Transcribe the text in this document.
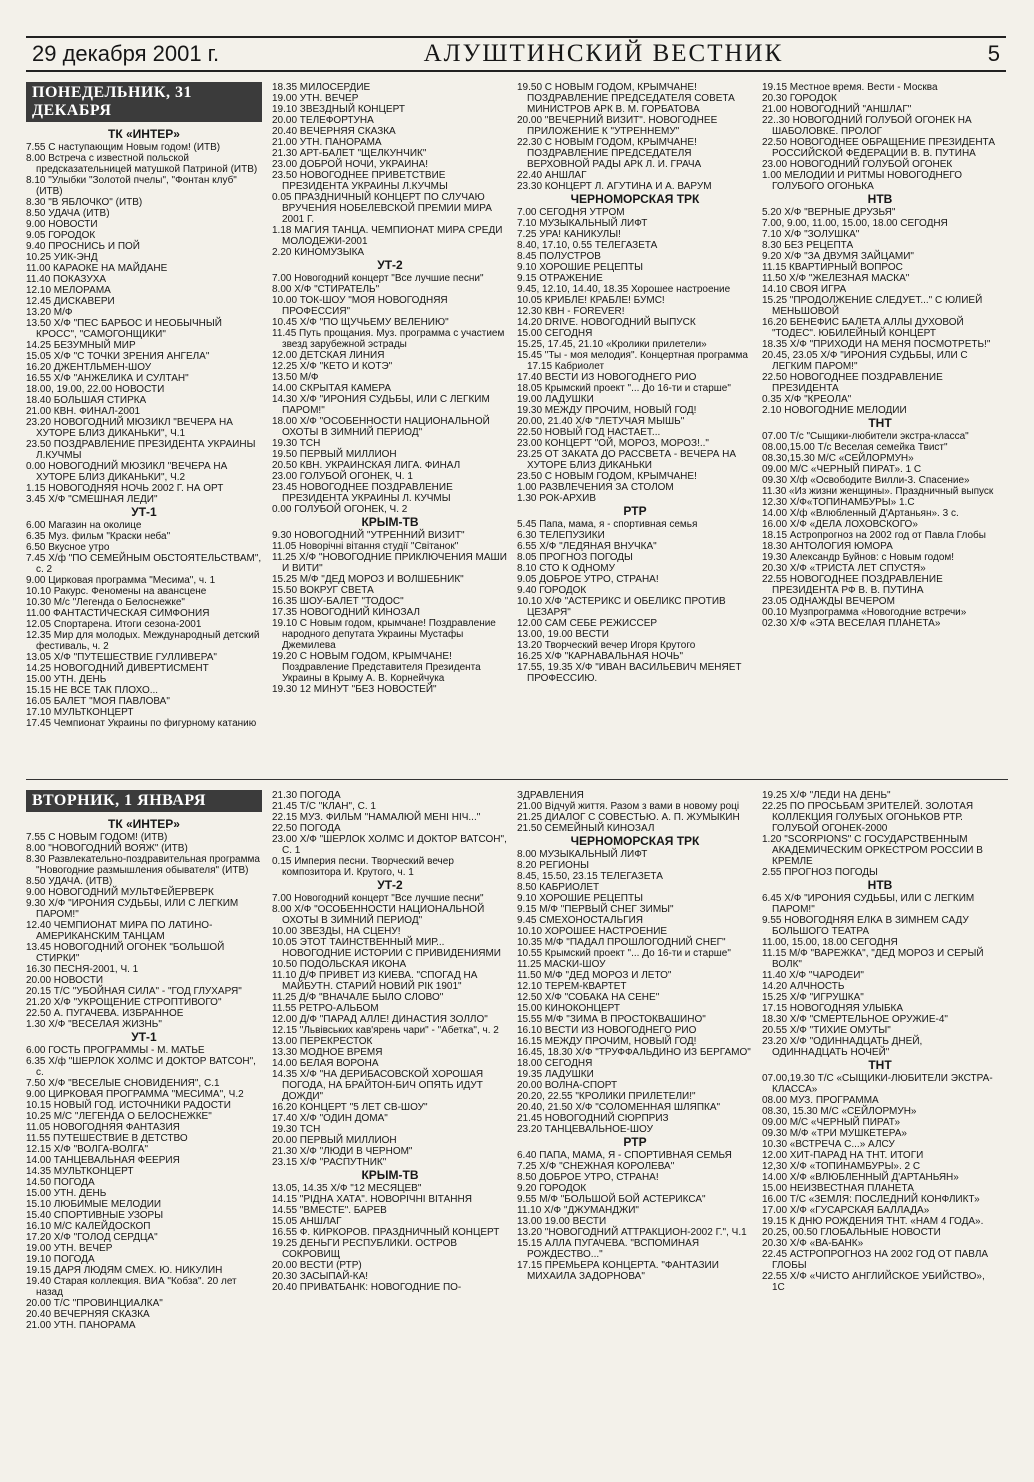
29 декабря 2001 г.	АЛУШТИНСКИЙ ВЕСТНИК	5
ПОНЕДЕЛЬНИК, 31 ДЕКАБРЯ
ТК «ИНТЕР»
7.55 С наступающим Новым годом! (ИТВ)
8.00 Встреча с известной польской предсказательницей матушкой Патриной (ИТВ)
8.10 "Улыбки "Золотой пчелы", "Фонтан клуб" (ИТВ)
8.30 "В ЯБЛОЧКО" (ИТВ)
8.50 УДАЧА (ИТВ)
9.00 НОВОСТИ
9.05 ГОРОДОК
9.40 ПРОСНИСЬ И ПОЙ
10.25 УИК-ЭНД
11.00 КАРАОКЕ НА МАЙДАНЕ
11.40 ПОКАЗУХА
12.10 МЕЛОРАМА
12.45 ДИСКАВЕРИ
13.20 М/Ф
13.50 Х/Ф "ПЕС БАРБОС И НЕОБЫЧНЫЙ КРОСС", "САМОГОНЩИКИ"
14.25 БЕЗУМНЫЙ МИР
15.05 Х/Ф "С ТОЧКИ ЗРЕНИЯ АНГЕЛА"
16.20 ДЖЕНТЛЬМЕН-ШОУ
16.55 Х/Ф "АНЖЕЛИКА И СУЛТАН"
18.00, 19.00, 22.00 НОВОСТИ
18.40 БОЛЬШАЯ СТИРКА
21.00 КВН. ФИНАЛ-2001
23.20 НОВОГОДНИЙ МЮЗИКЛ "ВЕЧЕРА НА ХУТОРЕ БЛИЗ ДИКАНЬКИ", Ч.1
23.50 ПОЗДРАВЛЕНИЕ ПРЕЗИДЕНТА УКРАИНЫ Л.КУЧМЫ
0.00 НОВОГОДНИЙ МЮЗИКЛ "ВЕЧЕРА НА ХУТОРЕ БЛИЗ ДИКАНЬКИ", Ч.2
1.15 НОВОГОДНЯЯ НОЧЬ 2002 Г. НА ОРТ
3.45 Х/Ф "СМЕШНАЯ ЛЕДИ"
УТ-1
6.00 Магазин на околице
6.35 Муз. фильм "Краски неба"
6.50 Вкусное утро
7.45 Х/ф "ПО СЕМЕЙНЫМ ОБСТОЯТЕЛЬСТВАМ", с. 2
9.00 Цирковая программа "Месима", ч. 1
10.10 Ракурс. Феномены на авансцене
10.30 М/с "Легенда о Белоснежке"
11.00 ФАНТАСТИЧЕСКАЯ СИМФОНИЯ
12.05 Спортарена. Итоги сезона-2001
12.35 Мир для молодых. Международный детский фестиваль, ч. 2
13.05 Х/Ф "ПУТЕШЕСТВИЕ ГУЛЛИВЕРА"
14.25 НОВОГОДНИЙ ДИВЕРТИСМЕНТ
15.00 УТН. ДЕНЬ
15.15 НЕ ВСЕ ТАК ПЛОХО...
16.05 БАЛЕТ "МОЯ ПАВЛОВА"
17.10 МУЛЬТКОНЦЕРТ
17.45 Чемпионат Украины по фигурному катанию
18.35 МИЛОСЕРДИЕ
19.00 УТН. ВЕЧЕР
19.10 ЗВЕЗДНЫЙ КОНЦЕРТ
20.00 ТЕЛЕФОРТУНА
20.40 ВЕЧЕРНЯЯ СКАЗКА
21.00 УТН. ПАНОРАМА
21.30 АРТ-БАЛЕТ "ЩЕЛКУНЧИК"
23.00 ДОБРОЙ НОЧИ, УКРАИНА!
23.50 НОВОГОДНЕЕ ПРИВЕТСТВИЕ ПРЕЗИДЕНТА УКРАИНЫ Л.КУЧМЫ
0.05 ПРАЗДНИЧНЫЙ КОНЦЕРТ ПО СЛУЧАЮ ВРУЧЕНИЯ НОБЕЛЕВСКОЙ ПРЕМИИ МИРА 2001 Г.
1.18 МАГИЯ ТАНЦА. ЧЕМПИОНАТ МИРА СРЕДИ МОЛОДЕЖИ-2001
2.20 КИНОМУЗЫКА
УТ-2
7.00 Новогодний концерт "Все лучшие песни"
8.00 Х/Ф "СТИРАТЕЛЬ"
10.00 ТОК-ШОУ "МОЯ НОВОГОДНЯЯ ПРОФЕССИЯ"
10.45 Х/Ф "ПО ЩУЧЬЕМУ ВЕЛЕНИЮ"
11.45 Путь прощания. Муз. программа с участием звезд зарубежной эстрады
12.00 ДЕТСКАЯ ЛИНИЯ
12.25 Х/Ф "КЕТО И КОТЭ"
13.50 М/Ф
14.00 СКРЫТАЯ КАМЕРА
14.30 Х/Ф "ИРОНИЯ СУДЬБЫ, ИЛИ С ЛЕГКИМ ПАРОМ!"
18.00 Х/Ф "ОСОБЕННОСТИ НАЦИОНАЛЬНОЙ ОХОТЫ В ЗИМНИЙ ПЕРИОД"
19.30 ТСН
19.50 ПЕРВЫЙ МИЛЛИОН
20.50 КВН. УКРАИНСКАЯ ЛИГА. ФИНАЛ
23.00 ГОЛУБОЙ ОГОНЕК, Ч. 1
23.45 НОВОГОДНЕЕ ПОЗДРАВЛЕНИЕ ПРЕЗИДЕНТА УКРАИНЫ Л. КУЧМЫ
0.00 ГОЛУБОЙ ОГОНЕК, Ч. 2
КРЫМ-ТВ
9.30 НОВОГОДНИЙ "УТРЕННИЙ ВИЗИТ"
11.05 Новорічні вітання студії "Світанок"
11.25 Х/Ф "НОВОГОДНИЕ ПРИКЛЮЧЕНИЯ МАШИ И ВИТИ"
15.25 М/Ф "ДЕД МОРОЗ И ВОЛШЕБНИК"
15.50 ВОКРУГ СВЕТА
16.35 ШОУ-БАЛЕТ "ТОДОС"
17.35 НОВОГОДНИЙ КИНОЗАЛ
19.10 С Новым годом, крымчане! Поздравление народного депутата Украины Мустафы Джемилева
19.20 С НОВЫМ ГОДОМ, КРЫМЧАНЕ! Поздравление Представителя Президента Украины в Крыму А. В. Корнейчука
19.30 12 МИНУТ "БЕЗ НОВОСТЕЙ"
19.50 С НОВЫМ ГОДОМ, КРЫМЧАНЕ! ПОЗДРАВЛЕНИЕ ПРЕДСЕДАТЕЛЯ СОВЕТА МИНИСТРОВ АРК В. М. ГОРБАТОВА
20.00 "ВЕЧЕРНИЙ ВИЗИТ". НОВОГОДНЕЕ ПРИЛОЖЕНИЕ К "УТРЕННЕМУ"
22.30 С НОВЫМ ГОДОМ, КРЫМЧАНЕ! ПОЗДРАВЛЕНИЕ ПРЕДСЕДАТЕЛЯ ВЕРХОВНОЙ РАДЫ АРК Л. И. ГРАЧА
22.40 АНШЛАГ
23.30 КОНЦЕРТ Л. АГУТИНА И А. ВАРУМ
ЧЕРНОМОРСКАЯ ТРК
7.00 СЕГОДНЯ УТРОМ
7.10 МУЗЫКАЛЬНЫЙ ЛИФТ
7.25 УРА! КАНИКУЛЫ!
8.40, 17.10, 0.55 ТЕЛЕГАЗЕТА
8.45 ПОЛУСТРОВ
9.10 ХОРОШИЕ РЕЦЕПТЫ
9.15 ОТРАЖЕНИЕ
9.45, 12.10, 14.40, 18.35 Хорошее настроение
10.05 КРИБЛЕ! КРАБЛЕ! БУМС!
12.30 КВН - FOREVER!
14.20 DRIVE. НОВОГОДНИЙ ВЫПУСК
15.00 СЕГОДНЯ
15.25, 17.45, 21.10 «Кролики прилетели»
15.45 "Ты - моя мелодия". Концертная программа 17.15 Кабриолет
17.40 ВЕСТИ ИЗ НОВОГОДНЕГО РИО
18.05 Крымский проект "... До 16-ти и старше"
19.00 ЛАДУШКИ
19.30 МЕЖДУ ПРОЧИМ, НОВЫЙ ГОД!
20.00, 21.40 Х/Ф "ЛЕТУЧАЯ МЫШЬ"
22.50 НОВЫЙ ГОД НАСТАЕТ...
23.00 КОНЦЕРТ "ОЙ, МОРОЗ, МОРОЗ!.."
23.25 ОТ ЗАКАТА ДО РАССВЕТА - ВЕЧЕРА НА ХУТОРЕ БЛИЗ ДИКАНЬКИ
23.50 С НОВЫМ ГОДОМ, КРЫМЧАНЕ!
1.00 РАЗВЛЕЧЕНИЯ ЗА СТОЛОМ
1.30 РОК-АРХИВ
РТР
5.45 Папа, мама, я - спортивная семья
6.30 ТЕЛЕПУЗИКИ
6.55 Х/Ф "ЛЕДЯНАЯ ВНУЧКА"
8.05 ПРОГНОЗ ПОГОДЫ
8.10 СТО К ОДНОМУ
9.05 ДОБРОЕ УТРО, СТРАНА!
9.40 ГОРОДОК
10.10 Х/Ф "АСТЕРИКС И ОБЕЛИКС ПРОТИВ ЦЕЗАРЯ"
12.00 САМ СЕБЕ РЕЖИССЕР
13.00, 19.00 ВЕСТИ
13.20 Творческий вечер Игоря Крутого
16.25 Х/Ф "КАРНАВАЛЬНАЯ НОЧЬ"
17.55, 19.35 Х/Ф "ИВАН ВАСИЛЬЕВИЧ МЕНЯЕТ ПРОФЕССИЮ.
19.15 Местное время. Вести - Москва
20.30 ГОРОДОК
21.00 НОВОГОДНИЙ "АНШЛАГ"
22..30 НОВОГОДНИЙ ГОЛУБОЙ ОГОНЕК НА ШАБОЛОВКЕ. ПРОЛОГ
22.50 НОВОГОДНЕЕ ОБРАЩЕНИЕ ПРЕЗИДЕНТА РОССИЙСКОЙ ФЕДЕРАЦИИ В. В. ПУТИНА
23.00 НОВОГОДНИЙ ГОЛУБОЙ ОГОНЕК
1.00 МЕЛОДИИ И РИТМЫ НОВОГОДНЕГО ГОЛУБОГО ОГОНЬКА
НТВ
5.20 Х/Ф "ВЕРНЫЕ ДРУЗЬЯ"
7.00, 9.00, 11.00, 15.00, 18.00 СЕГОДНЯ
7.10 Х/Ф "ЗОЛУШКА"
8.30 БЕЗ РЕЦЕПТА
9.20 Х/Ф "ЗА ДВУМЯ ЗАЙЦАМИ"
11.15 КВАРТИРНЫЙ ВОПРОС
11.50 Х/Ф "ЖЕЛЕЗНАЯ МАСКА"
14.10 СВОЯ ИГРА
15.25 "ПРОДОЛЖЕНИЕ СЛЕДУЕТ..." С ЮЛИЕЙ МЕНЬШОВОЙ
16.20 БЕНЕФИС БАЛЕТА АЛЛЫ ДУХОВОЙ "ТОДЕС". ЮБИЛЕЙНЫЙ КОНЦЕРТ
18.35 Х/Ф "ПРИХОДИ НА МЕНЯ ПОСМОТРЕТЬ!"
20.45, 23.05 Х/Ф "ИРОНИЯ СУДЬБЫ, ИЛИ С ЛЕГКИМ ПАРОМ!"
22.50 НОВОГОДНЕЕ ПОЗДРАВЛЕНИЕ ПРЕЗИДЕНТА
0.35 Х/Ф "КРЕОЛА"
2.10 НОВОГОДНИЕ МЕЛОДИИ
ТНТ
07.00 Т/с "Сыщики-любители экстра-класса"
08.00,15.00 Т/с Веселая семейка Твист"
08.30,15.30 М/С «СЕЙЛОРМУН»
09.00 М/С «ЧЕРНЫЙ ПИРАТ». 1 С
09.30 Х/ф «Освободите Вилли-3. Спасение»
11.30 «Из жизни женщины». Праздничный выпуск
12.30 Х/Ф«ТОПИНАМБУРЫ» 1.С
14.00 Х/ф «Влюбленный Д'Артаньян». 3 с.
16.00 Х/Ф «ДЕЛА ЛОХОВСКОГО»
18.15 Астропрогноз на 2002 год от Павла Глобы
18.30 АНТОЛОГИЯ ЮМОРА
19.30 Александр Буйнов: с Новым годом!
20.30 Х/Ф «ТРИСТА ЛЕТ СПУСТЯ»
22.55 НОВОГОДНЕЕ ПОЗДРАВЛЕНИЕ ПРЕЗИДЕНТА РФ В. В. ПУТИНА
23.05 ОДНАЖДЫ ВЕЧЕРОМ
00.10 Музпрограмма «Новогодние встречи»
02.30 Х/Ф «ЭТА ВЕСЕЛАЯ ПЛАНЕТА»
ВТОРНИК, 1 ЯНВАРЯ
ТК «ИНТЕР»
7.55 С НОВЫМ ГОДОМ! (ИТВ)
8.00 "НОВОГОДНИЙ ВОЯЖ" (ИТВ)
8.30 Развлекательно-поздравительная программа "Новогодние размышления обывателя" (ИТВ)
8.50 УДАЧА. (ИТВ)
9.00 НОВОГОДНИЙ МУЛЬТФЕЙЕРВЕРК
9.30 Х/Ф "ИРОНИЯ СУДЬБЫ, ИЛИ С ЛЕГКИМ ПАРОМ!"
12.40 ЧЕМПИОНАТ МИРА ПО ЛАТИНО-АМЕРИКАНСКИМ ТАНЦАМ
13.45 НОВОГОДНИЙ ОГОНЕК "БОЛЬШОЙ СТИРКИ"
16.30 ПЕСНЯ-2001, Ч. 1
20.00 НОВОСТИ
20.15 Т/С "УБОЙНАЯ СИЛА" - "ГОД ГЛУХАРЯ"
21.20 Х/Ф "УКРОЩЕНИЕ СТРОПТИВОГО"
22.50 А. ПУГАЧЕВА. ИЗБРАННОЕ
1.30 Х/Ф "ВЕСЕЛАЯ ЖИЗНЬ"
УТ-1
6.00 ГОСТЬ ПРОГРАММЫ - М. МАТЬЕ
6.35 Х/ф "ШЕРЛОК ХОЛМС И ДОКТОР ВАТСОН", с.
7.50 Х/Ф "ВЕСЕЛЫЕ СНОВИДЕНИЯ", С.1
9.00 ЦИРКОВАЯ ПРОГРАММА "МЕСИМА", Ч.2
10.15 НОВЫЙ ГОД. ИСТОЧНИКИ РАДОСТИ
10.25 М/С "ЛЕГЕНДА О БЕЛОСНЕЖКЕ"
11.05 НОВОГОДНЯЯ ФАНТАЗИЯ
11.55 ПУТЕШЕСТВИЕ В ДЕТСТВО
12.15 Х/Ф "ВОЛГА-ВОЛГА"
14.00 ТАНЦЕВАЛЬНАЯ ФЕЕРИЯ
14.35 МУЛЬТКОНЦЕРТ
14.50 ПОГОДА
15.00 УТН. ДЕНЬ
15.10 ЛЮБИМЫЕ МЕЛОДИИ
15.40 СПОРТИВНЫЕ УЗОРЫ
16.10 М/С КАЛЕЙДОСКОП
17.20 Х/Ф "ГОЛОД СЕРДЦА"
19.00 УТН. ВЕЧЕР
19.10 ПОГОДА
19.15 ДАРЯ ЛЮДЯМ СМЕХ. Ю. НИКУЛИН
19.40 Старая коллекция. ВИА "Кобза". 20 лет назад
20.00 Т/С "ПРОВИНЦИАЛКА"
20.40 ВЕЧЕРНЯЯ СКАЗКА
21.00 УТН. ПАНОРАМА
21.30 ПОГОДА
21.45 Т/С "КЛАН", С. 1
22.15 МУЗ. ФИЛЬМ "НАМАЛЮЙ МЕНІ НІЧ..."
22.50 ПОГОДА
23.00 Х/Ф "ШЕРЛОК ХОЛМС И ДОКТОР ВАТСОН", С. 1
0.15 Империя песни. Творческий вечер композитора И. Крутого, ч. 1
УТ-2
7.00 Новогодний концерт "Все лучшие песни"
8.00 Х/Ф "ОСОБЕННОСТИ НАЦИОНАЛЬНОЙ ОХОТЫ В ЗИМНИЙ ПЕРИОД"
10.00 ЗВЕЗДЫ, НА СЦЕНУ!
10.05 ЭТОТ ТАИНСТВЕННЫЙ МИР... НОВОГОДНИЕ ИСТОРИИ С ПРИВИДЕНИЯМИ
10.50 ПОДОЛЬСКАЯ ИКОНА
11.10 Д/Ф ПРИВЕТ ИЗ КИЕВА. "СПОГАД НА МАЙБУТН. СТАРИЙ НОВИЙ РІК 1901"
11.25 Д/Ф "ВНАЧАЛЕ БЫЛО СЛОВО"
11.55 РЕТРО-АЛЬБОМ
12.00 Д/Ф "ПАРАД АЛЛЕ! ДИНАСТИЯ ЗОЛЛО"
12.15 "Львівських кав'ярень чари" - "Абетка", ч. 2
13.00 ПЕРЕКРЕСТОК
13.30 МОДНОЕ ВРЕМЯ
14.00 БЕЛАЯ ВОРОНА
14.35 Х/Ф "НА ДЕРИБАСОВСКОЙ ХОРОШАЯ ПОГОДА, НА БРАЙТОН-БИЧ ОПЯТЬ ИДУТ ДОЖДИ"
16.20 КОНЦЕРТ "5 ЛЕТ СВ-ШОУ"
17.40 Х/Ф "ОДИН ДОМА"
19.30 ТСН
20.00 ПЕРВЫЙ МИЛЛИОН
21.30 Х/Ф "ЛЮДИ В ЧЕРНОМ"
23.15 Х/Ф "РАСПУТНИК"
КРЫМ-ТВ
13.05, 14.35 Х/Ф "12 МЕСЯЦЕВ"
14.15 "РІДНА ХАТА". НОВОРІЧНІ ВІТАННЯ
14.55 "ВМЕСТЕ". БАРЕВ
15.05 АНШЛАГ
16.55 Ф. КИРКОРОВ. ПРАЗДНИЧНЫЙ КОНЦЕРТ
19.25 ДЕНЬГИ РЕСПУБЛИКИ. ОСТРОВ СОКРОВИЩ
20.00 ВЕСТИ (РТР)
20.30 ЗАСЫПАЙ-КА!
20.40 ПРИВАТБАНК: НОВОГОДНИЕ ПО-
ЗДРАВЛЕНИЯ
21.00 Відчуй життя. Разом з вами в новому році
21.25 ДИАЛОГ С СОВЕСТЬЮ. А. П. ЖУМЫКИН
21.50 СЕМЕЙНЫЙ КИНОЗАЛ
ЧЕРНОМОРСКАЯ ТРК
8.00 МУЗЫКАЛЬНЫЙ ЛИФТ
8.20 РЕГИОНЫ
8.45, 15.50, 23.15 ТЕЛЕГАЗЕТА
8.50 КАБРИОЛЕТ
9.10 ХОРОШИЕ РЕЦЕПТЫ
9.15 М/Ф "ПЕРВЫЙ СНЕГ ЗИМЫ"
9.45 СМЕХОНОСТАЛЬГИЯ
10.10 ХОРОШЕЕ НАСТРОЕНИЕ
10.35 М/Ф "ПАДАЛ ПРОШЛОГОДНИЙ СНЕГ"
10.55 Крымский проект "... До 16-ти и старше"
11.25 МАСКИ-ШОУ
11.50 М/Ф "ДЕД МОРОЗ И ЛЕТО"
12.10 ТЕРЕМ-КВАРТЕТ
12.50 Х/Ф "СОБАКА НА СЕНЕ"
15.00 КИНОКОНЦЕРТ
15.55 М/Ф "ЗИМА В ПРОСТОКВАШИНО"
16.10 ВЕСТИ ИЗ НОВОГОДНЕГО РИО
16.15 МЕЖДУ ПРОЧИМ, НОВЫЙ ГОД!
16.45, 18.30 Х/Ф "ТРУФФАЛЬДИНО ИЗ БЕРГАМО"
18.00 СЕГОДНЯ
19.35 ЛАДУШКИ
20.00 ВОЛНА-СПОРТ
20.20, 22.55 "КРОЛИКИ ПРИЛЕТЕЛИ!"
20.40, 21.50 Х/Ф "СОЛОМЕННАЯ ШЛЯПКА"
21.45 НОВОГОДНИЙ СЮРПРИЗ
23.20 ТАНЦЕВАЛЬНОЕ-ШОУ
РТР
6.40 ПАПА, МАМА, Я - СПОРТИВНАЯ СЕМЬЯ
7.25 Х/Ф "СНЕЖНАЯ КОРОЛЕВА"
8.50 ДОБРОЕ УТРО, СТРАНА!
9.20 ГОРОДОК
9.55 М/Ф "БОЛЬШОЙ БОЙ АСТЕРИКСА"
11.10 Х/Ф "ДЖУМАНДЖИ"
13.00 19.00 ВЕСТИ
13.20 "НОВОГОДНИЙ АТТРАКЦИОН-2002 Г.", Ч.1
15.15 АЛЛА ПУГАЧЕВА. "ВСПОМИНАЯ РОЖДЕСТВО..."
17.15 ПРЕМЬЕРА КОНЦЕРТА. "ФАНТАЗИИ МИХАИЛА ЗАДОРНОВА"
19.25 Х/Ф "ЛЕДИ НА ДЕНЬ"
22.25 ПО ПРОСЬБАМ ЗРИТЕЛЕЙ. ЗОЛОТАЯ КОЛЛЕКЦИЯ ГОЛУБЫХ ОГОНЬКОВ РТР. ГОЛУБОЙ ОГОНЕК-2000
1.20 "SCORPIONS" С ГОСУДАРСТВЕННЫМ АКАДЕМИЧЕСКИМ ОРКЕСТРОМ РОССИИ В КРЕМЛЕ
2.55 ПРОГНОЗ ПОГОДЫ
НТВ
6.45 Х/Ф "ИРОНИЯ СУДЬБЫ, ИЛИ С ЛЕГКИМ ПАРОМ!"
9.55 НОВОГОДНЯЯ ЕЛКА В ЗИМНЕМ САДУ БОЛЬШОГО ТЕАТРА
11.00, 15.00, 18.00 СЕГОДНЯ
11.15 М/Ф "ВАРЕЖКА", "ДЕД МОРОЗ И СЕРЫЙ ВОЛК"
11.40 Х/Ф "ЧАРОДЕИ"
14.20 АЛЧНОСТЬ
15.25 Х/Ф "ИГРУШКА"
17.15 НОВОГОДНЯЯ УЛЫБКА
18.30 Х/Ф "СМЕРТЕЛЬНОЕ ОРУЖИЕ-4"
20.55 Х/Ф "ТИХИЕ ОМУТЫ"
23.20 Х/Ф "ОДИННАДЦАТЬ ДНЕЙ, ОДИННАДЦАТЬ НОЧЕЙ"
ТНТ
07.00,19.30 Т/С «СЫЩИКИ-ЛЮБИТЕЛИ ЭКСТРА-КЛАССА»
08.00 МУЗ. ПРОГРАММА
08.30, 15.30 М/С «СЕЙЛОРМУН»
09.00 М/С «ЧЕРНЫЙ ПИРАТ»
09.30 М/Ф «ТРИ МУШКЕТЕРА»
10.30 «ВСТРЕЧА С...» АЛСУ
12.00 ХИТ-ПАРАД НА ТНТ. ИТОГИ
12,30 Х/Ф «ТОПИНАМБУРЫ». 2 С
14.00 Х/Ф «ВЛЮБЛЕННЫЙ Д'АРТАНЬЯН»
15.00 НЕИЗВЕСТНАЯ ПЛАНЕТА
16.00 Т/С «ЗЕМЛЯ: ПОСЛЕДНИЙ КОНФЛИКТ»
17.00 Х/Ф «ГУСАРСКАЯ БАЛЛАДА»
19.15 К ДНЮ РОЖДЕНИЯ ТНТ. «НАМ 4 ГОДА».
20.25, 00.50 ГЛОБАЛЬНЫЕ НОВОСТИ
20.30 Х/Ф «ВА-БАНК»
22.45 АСТРОПРОГНОЗ НА 2002 ГОД ОТ ПАВЛА ГЛОБЫ
22.55 Х/Ф «ЧИСТО АНГЛИЙСКОЕ УБИЙСТВО», 1С
